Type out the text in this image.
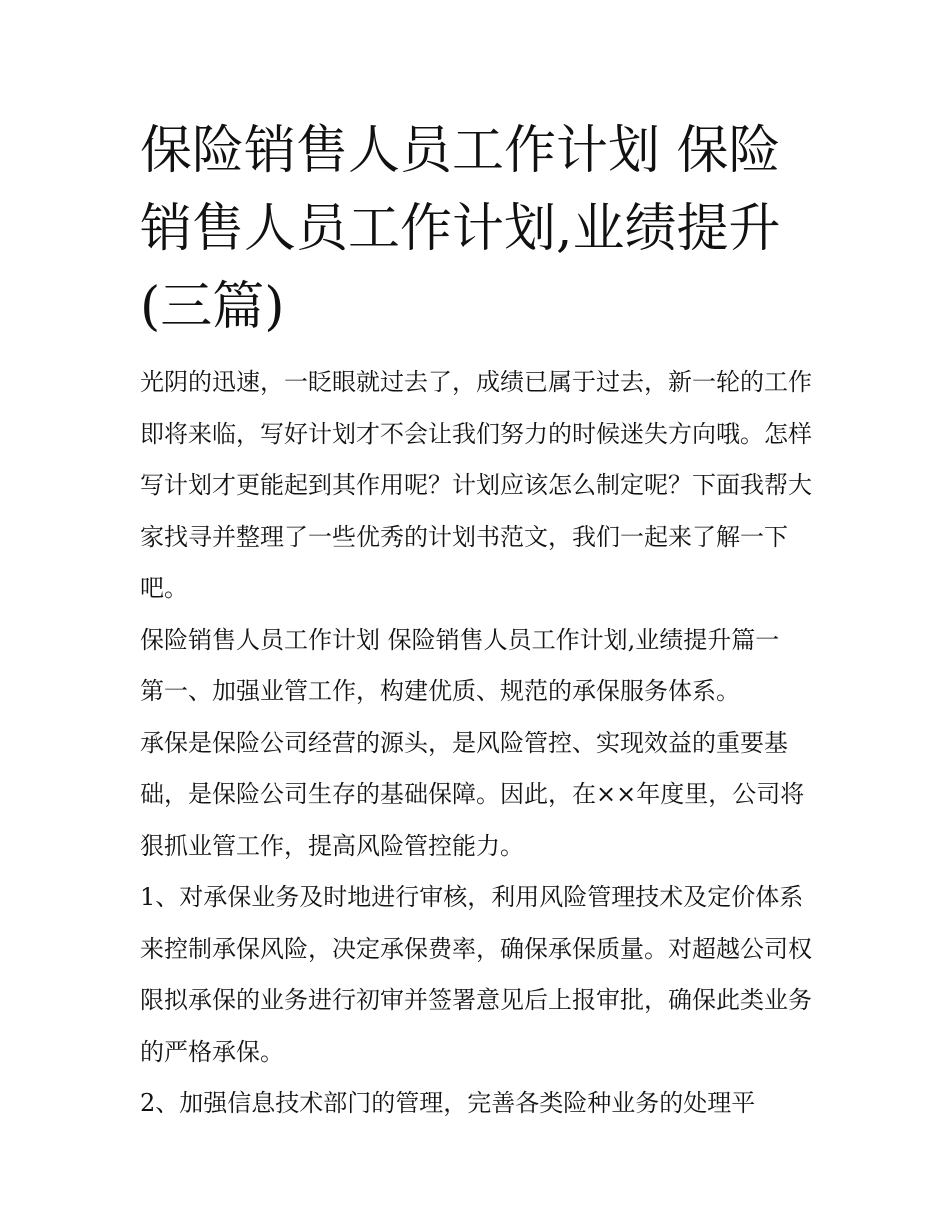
保险销售人员工作计划 保险销售人员工作计划,业绩提升(三篇)

光阴的迅速，一眨眼就过去了，成绩已属于过去，新一轮的工作即将来临，写好计划才不会让我们努力的时候迷失方向哦。怎样写计划才更能起到其作用呢？计划应该怎么制定呢？下面我帮大家找寻并整理了一些优秀的计划书范文，我们一起来了解一下吧。

保险销售人员工作计划 保险销售人员工作计划,业绩提升篇一

第一、加强业管工作，构建优质、规范的承保服务体系。

承保是保险公司经营的源头，是风险管控、实现效益的重要基础，是保险公司生存的基础保障。因此，在××年度里，公司将狠抓业管工作，提高风险管控能力。

1、对承保业务及时地进行审核，利用风险管理技术及定价体系来控制承保风险，决定承保费率，确保承保质量。对超越公司权限拟承保的业务进行初审并签署意见后上报审批，确保此类业务的严格承保。

2、加强信息技术部门的管理，完善各类险种业务的处理平
